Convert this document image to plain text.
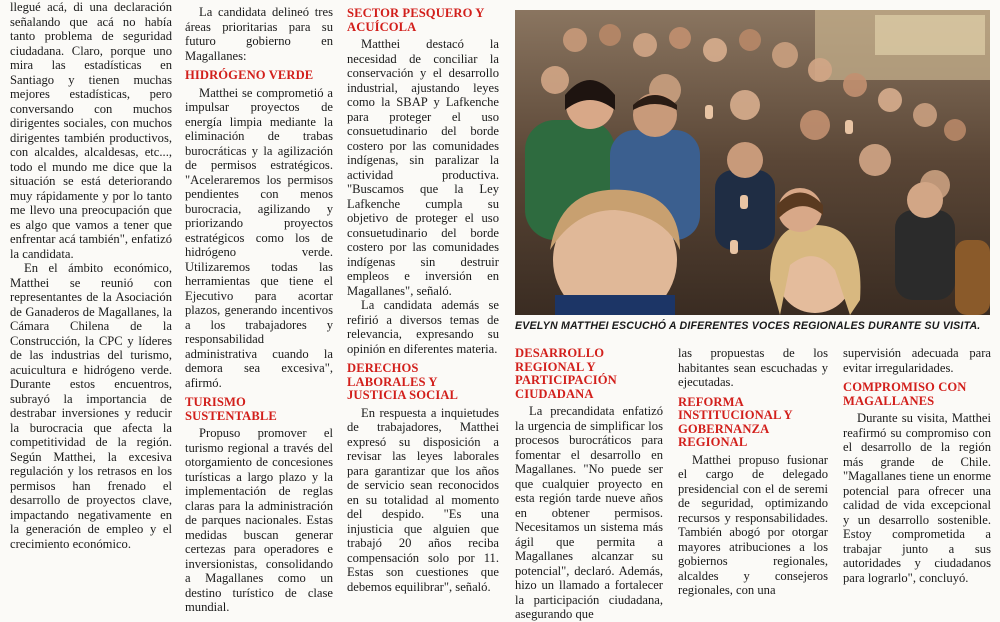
llegué acá, di una declaración señalando que acá no había tanto problema de seguridad ciudadana. Claro, porque uno mira las estadísticas en Santiago y tienen muchas mejores estadísticas, pero conversando con muchos dirigentes sociales, con muchos dirigentes también productivos, con alcaldes, alcaldesas, etc..., todo el mundo me dice que la situación se está deteriorando muy rápidamente y por lo tanto me llevo una preocupación que es algo que vamos a tener que enfrentar acá también", enfatizó la candidata.

En el ámbito económico, Matthei se reunió con representantes de la Asociación de Ganaderos de Magallanes, la Cámara Chilena de la Construcción, la CPC y líderes de las industrias del turismo, acuicultura e hidrógeno verde. Durante estos encuentros, subrayó la importancia de destrabar inversiones y reducir la burocracia que afecta la competitividad de la región. Según Matthei, la excesiva regulación y los retrasos en los permisos han frenado el desarrollo de proyectos clave, impactando negativamente en la generación de empleo y el crecimiento económico.

La candidata delineó tres áreas prioritarias para su futuro gobierno en Magallanes:

HIDRÓGENO VERDE

Matthei se comprometió a impulsar proyectos de energía limpia mediante la eliminación de trabas burocráticas y la agilización de permisos estratégicos. "Aceleraremos los permisos pendientes con menos burocracia, agilizando y priorizando proyectos estratégicos como los de hidrógeno verde. Utilizaremos todas las herramientas que tiene el Ejecutivo para acortar plazos, generando incentivos a los trabajadores y responsabilidad administrativa cuando la demora sea excesiva", afirmó.

TURISMO SUSTENTABLE

Propuso promover el turismo regional a través del otorgamiento de concesiones turísticas a largo plazo y la implementación de reglas claras para la administración de parques nacionales. Estas medidas buscan generar certezas para operadores e inversionistas, consolidando a Magallanes como un destino turístico de clase mundial.

SECTOR PESQUERO Y ACUÍCOLA

Matthei destacó la necesidad de conciliar la conservación y el desarrollo industrial, ajustando leyes como la SBAP y Lafkenche para proteger el uso consuetudinario del borde costero por las comunidades indígenas, sin paralizar la actividad productiva. "Buscamos que la Ley Lafkenche cumpla su objetivo de proteger el uso consuetudinario del borde costero por las comunidades indígenas sin destruir empleos e inversión en Magallanes", señaló.

La candidata además se refirió a diversos temas de relevancia, expresando su opinión en diferentes materia.

DERECHOS LABORALES Y JUSTICIA SOCIAL

En respuesta a inquietudes de trabajadores, Matthei expresó su disposición a revisar las leyes laborales para garantizar que los años de servicio sean reconocidos en su totalidad al momento del despido. "Es una injusticia que alguien que trabajó 20 años reciba compensación solo por 11. Estas son cuestiones que debemos equilibrar", señaló.

EVELYN MATTHEI ESCUCHÓ A DIFERENTES VOCES REGIONALES DURANTE SU VISITA.
DESARROLLO REGIONAL Y PARTICIPACIÓN CIUDADANA

La precandidata enfatizó la urgencia de simplificar los procesos burocráticos para fomentar el desarrollo en Magallanes. "No puede ser que cualquier proyecto en esta región tarde nueve años en obtener permisos. Necesitamos un sistema más ágil que permita a Magallanes alcanzar su potencial", declaró. Además, hizo un llamado a fortalecer la participación ciudadana, asegurando que

las propuestas de los habitantes sean escuchadas y ejecutadas.

REFORMA INSTITUCIONAL Y GOBERNANZA REGIONAL

Matthei propuso fusionar el cargo de delegado presidencial con el de seremi de seguridad, optimizando recursos y responsabilidades. También abogó por otorgar mayores atribuciones a los gobiernos regionales, alcaldes y consejeros regionales, con una

supervisión adecuada para evitar irregularidades.

COMPROMISO CON MAGALLANES

Durante su visita, Matthei reafirmó su compromiso con el desarrollo de la región más grande de Chile. "Magallanes tiene un enorme potencial para ofrecer una calidad de vida excepcional y un desarrollo sostenible. Estoy comprometida a trabajar junto a sus autoridades y ciudadanos para lograrlo", concluyó.
